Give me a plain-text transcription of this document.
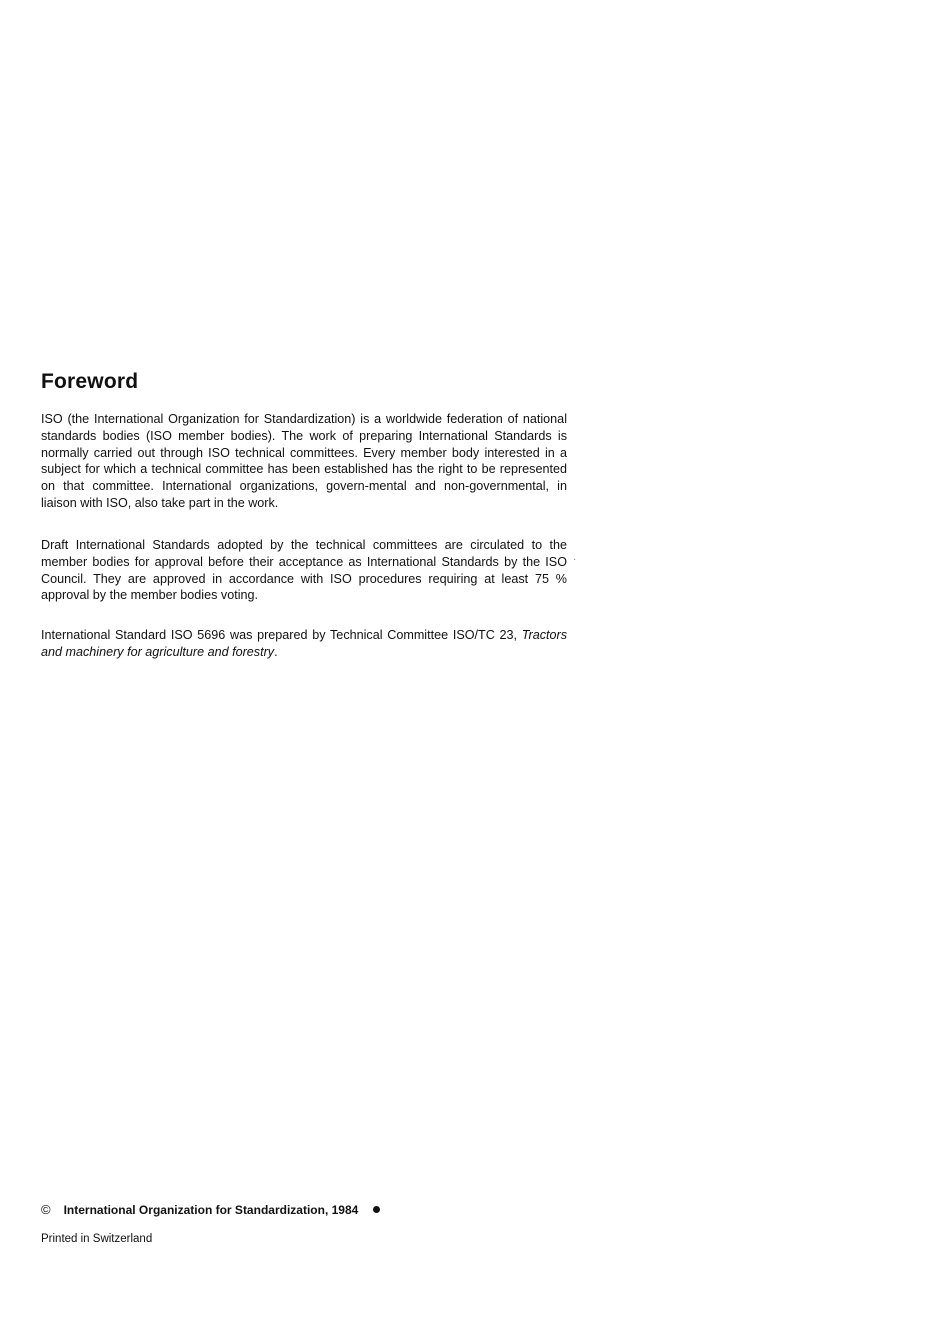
Foreword

ISO (the International Organization for Standardization) is a worldwide federation of national standards bodies (ISO member bodies). The work of preparing International Standards is normally carried out through ISO technical committees. Every member body interested in a subject for which a technical committee has been established has the right to be represented on that committee. International organizations, govern-mental and non-governmental, in liaison with ISO, also take part in the work.

Draft International Standards adopted by the technical committees are circulated to the member bodies for approval before their acceptance as International Standards by the ISO Council. They are approved in accordance with ISO procedures requiring at least 75 % approval by the member bodies voting.

·

International Standard ISO 5696 was prepared by Technical Committee ISO/TC 23, Tractors and machinery for agriculture and forestry.

© International Organization for Standardization, 1984
Printed in Switzerland
